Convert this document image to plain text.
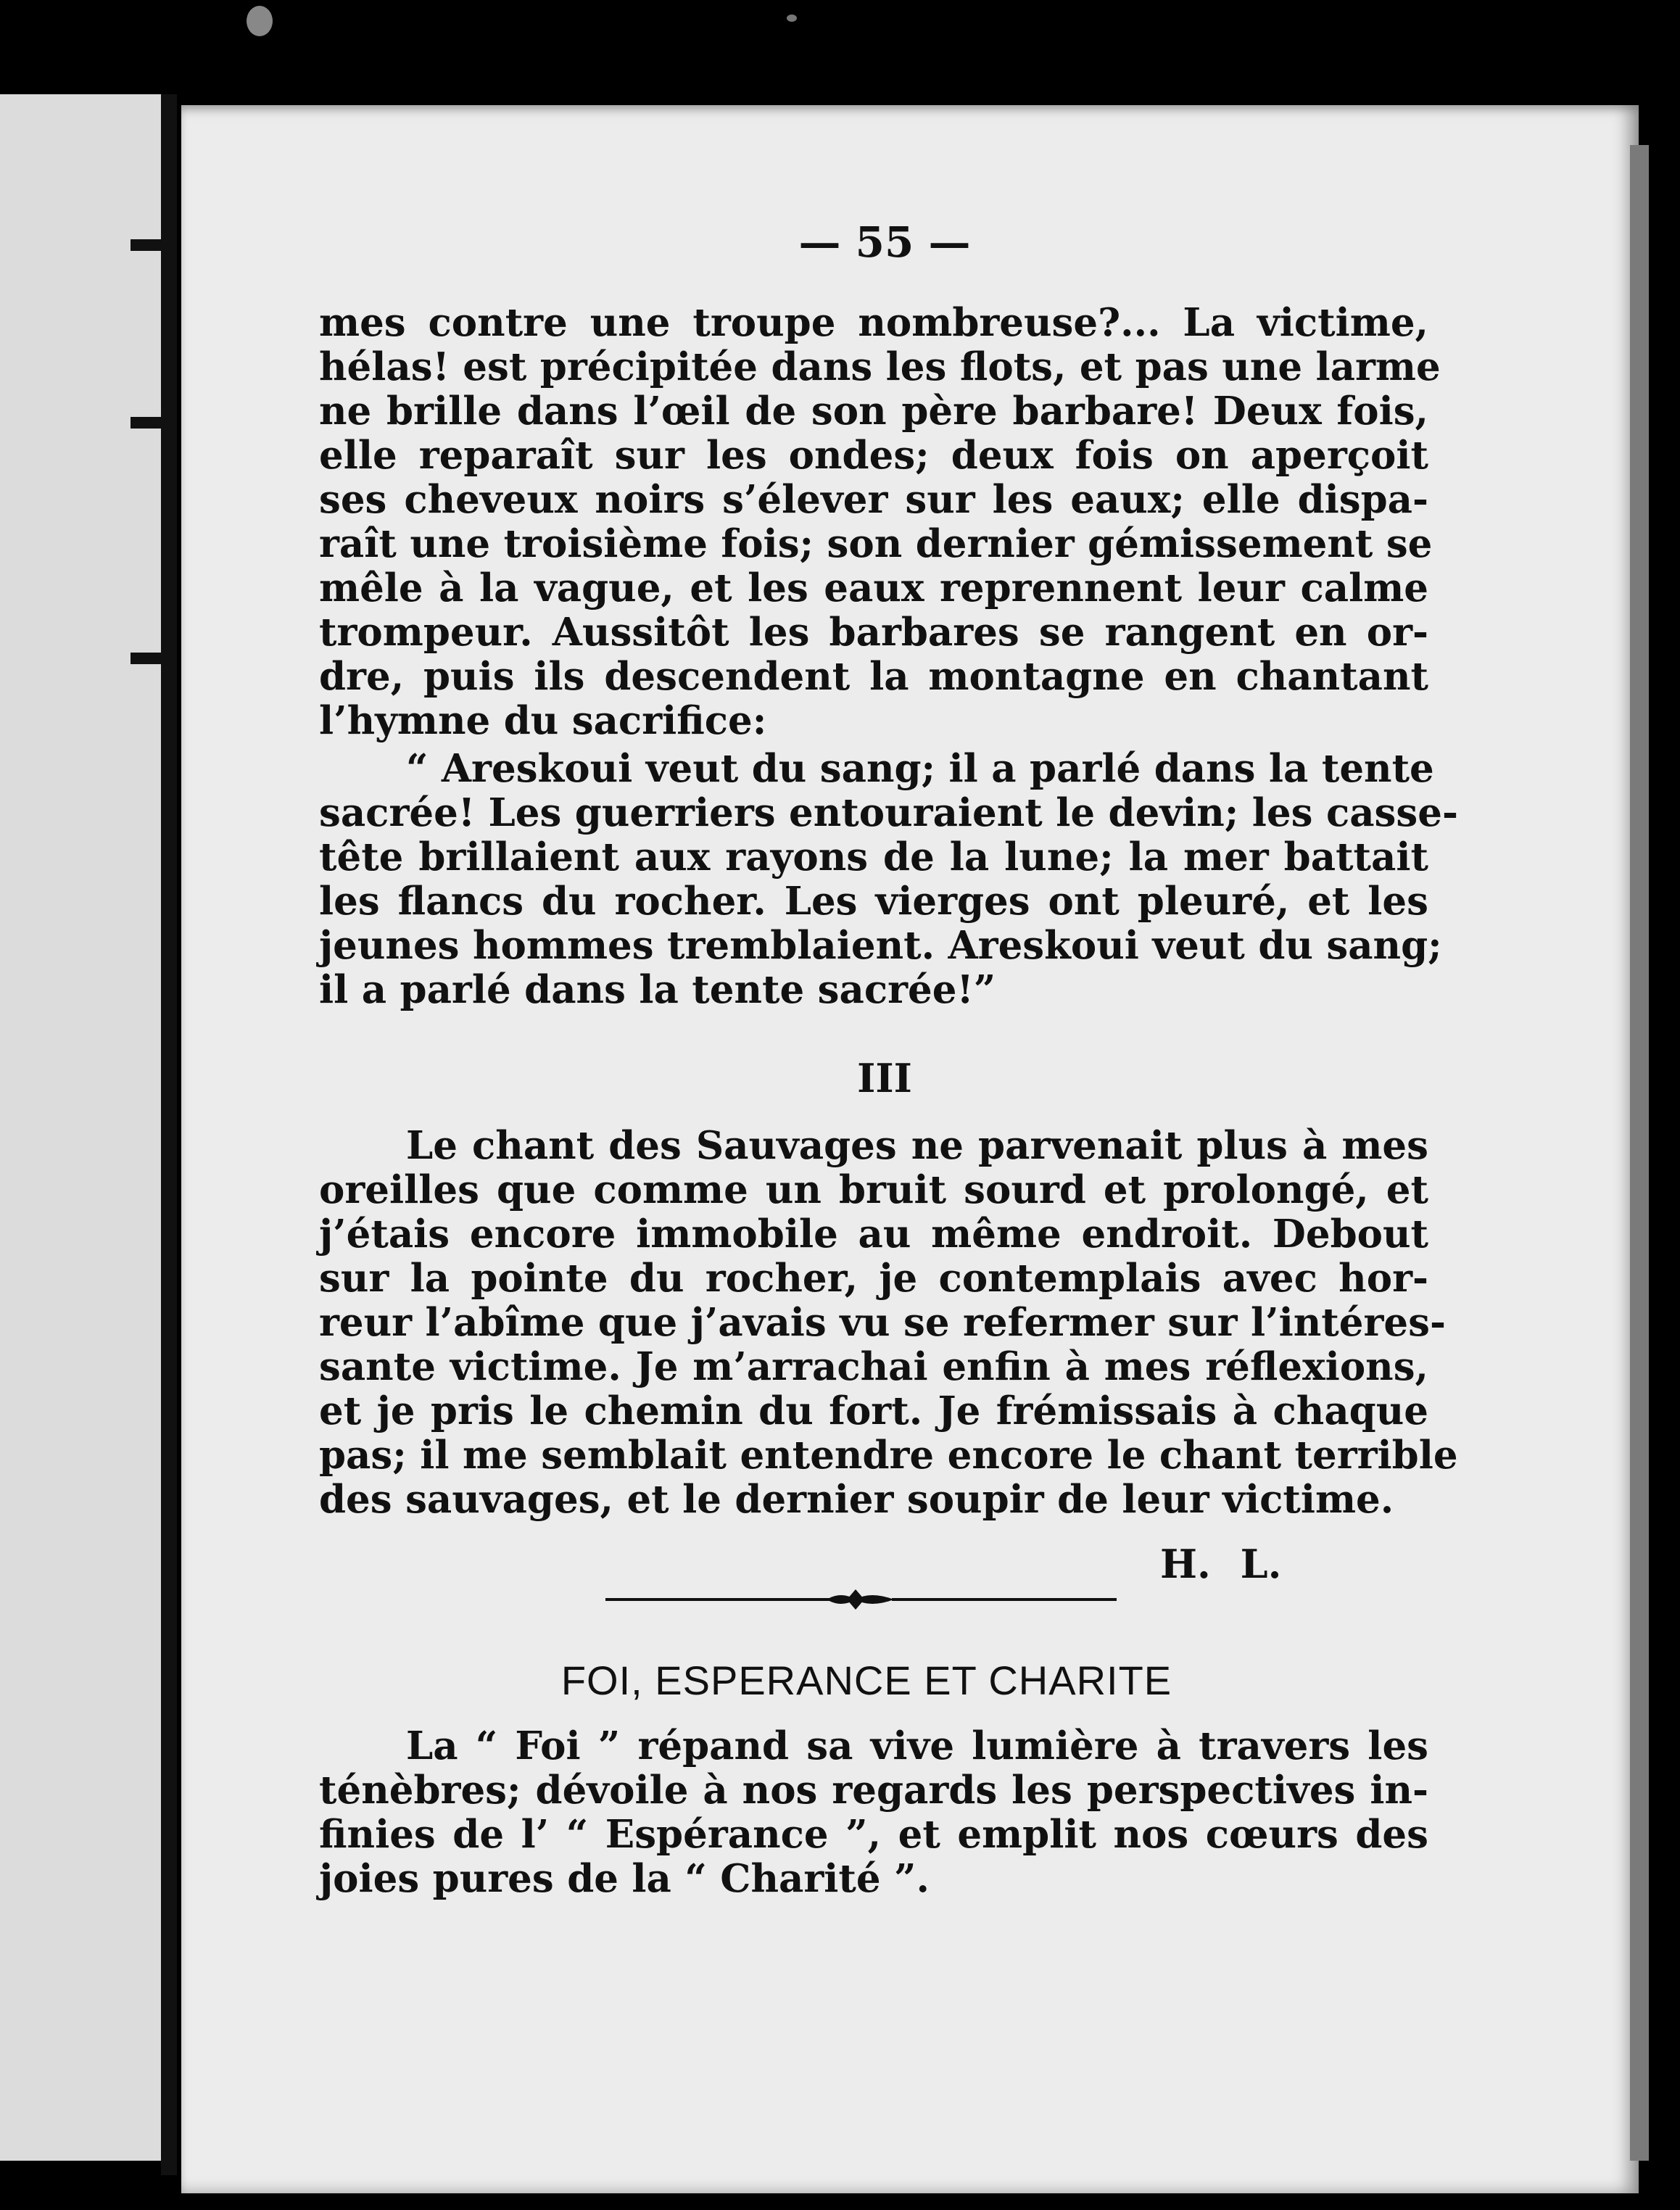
— 55 —
mes contre une troupe nombreuse?... La victime,
hélas! est précipitée dans les flots, et pas une larme
ne brille dans l’œil de son père barbare! Deux fois,
elle reparaît sur les ondes; deux fois on aperçoit
ses cheveux noirs s’élever sur les eaux; elle dispa-
raît une troisième fois; son dernier gémissement se
mêle à la vague, et les eaux reprennent leur calme
trompeur. Aussitôt les barbares se rangent en or-
dre, puis ils descendent la montagne en chantant
l’hymne du sacrifice:
“ Areskoui veut du sang; il a parlé dans la tente
sacrée! Les guerriers entouraient le devin; les casse-
tête brillaient aux rayons de la lune; la mer battait
les flancs du rocher. Les vierges ont pleuré, et les
jeunes hommes tremblaient. Areskoui veut du sang;
il a parlé dans la tente sacrée!”
III
Le chant des Sauvages ne parvenait plus à mes
oreilles que comme un bruit sourd et prolongé, et
j’étais encore immobile au même endroit. Debout
sur la pointe du rocher, je contemplais avec hor-
reur l’abîme que j’avais vu se refermer sur l’intéres-
sante victime. Je m’arrachai enfin à mes réflexions,
et je pris le chemin du fort. Je frémissais à chaque
pas; il me semblait entendre encore le chant terrible
des sauvages, et le dernier soupir de leur victime.
H. L.
FOI, ESPERANCE ET CHARITE
La “ Foi ” répand sa vive lumière à travers les
ténèbres; dévoile à nos regards les perspectives in-
finies de l’ “ Espérance ”, et emplit nos cœurs des
joies pures de la “ Charité ”.
